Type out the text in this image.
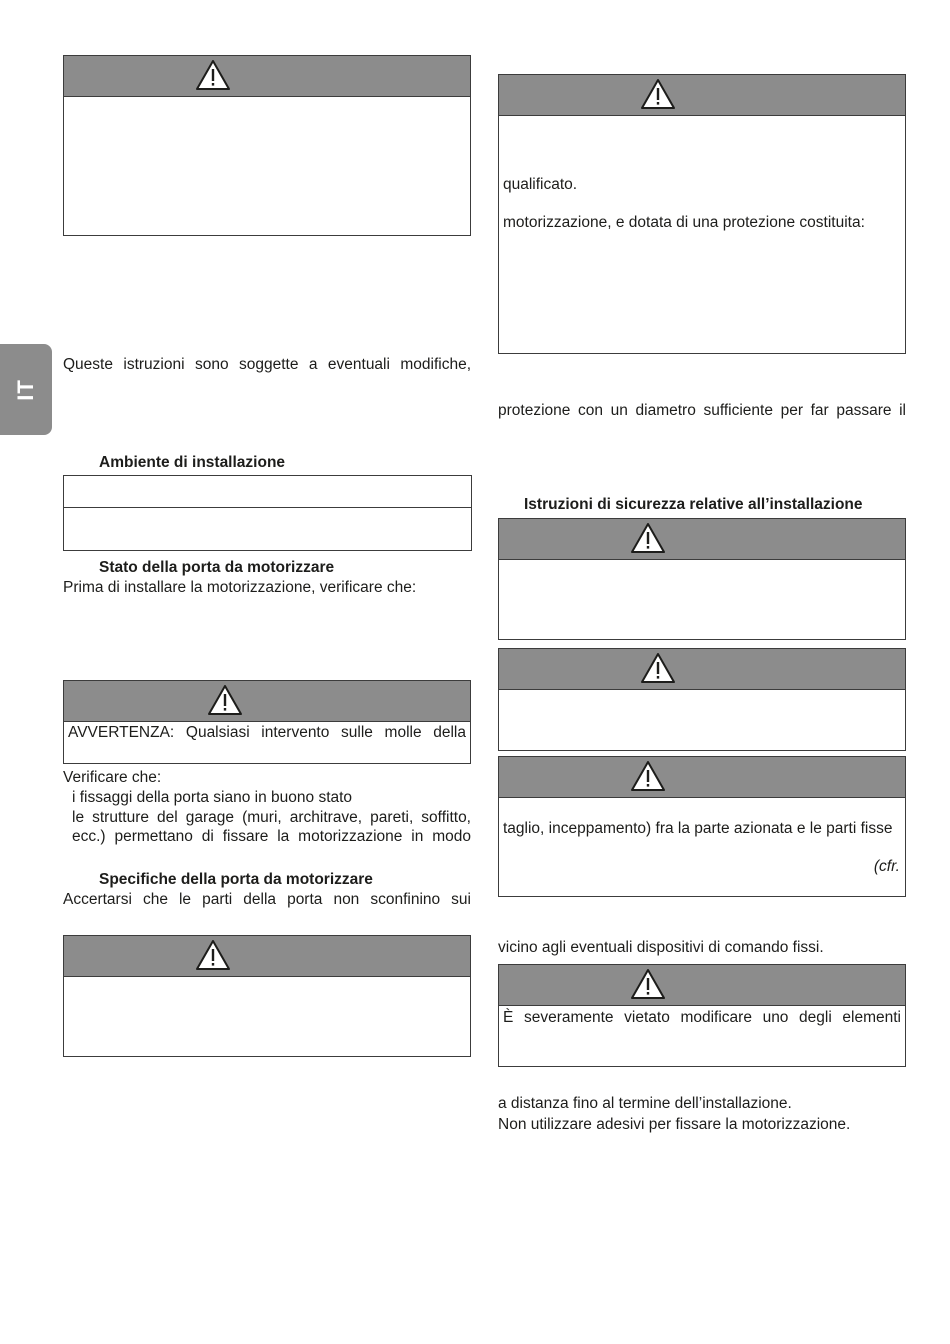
IT
Queste istruzioni sono soggette a eventuali modifiche,
Ambiente di installazione
Stato della porta da motorizzare
Prima di installare la motorizzazione, verificare che:
AVVERTENZA: Qualsiasi intervento sulle molle della
Verificare che:
i fissaggi della porta siano in buono stato
le strutture del garage (muri, architrave, pareti, soffitto,
ecc.) permettano di fissare la motorizzazione in modo
Specifiche della porta da motorizzare
Accertarsi che le parti della porta non sconfinino sui
qualificato.
motorizzazione, e dotata di una protezione costituita:
protezione con un diametro sufficiente per far passare il
Istruzioni di sicurezza relative all’installazione
taglio, inceppamento) fra la parte azionata e le parti fisse
(cfr.
vicino agli eventuali dispositivi di comando fissi.
È severamente vietato modificare uno degli elementi
a distanza fino al termine dell’installazione.
Non utilizzare adesivi per fissare la motorizzazione.
